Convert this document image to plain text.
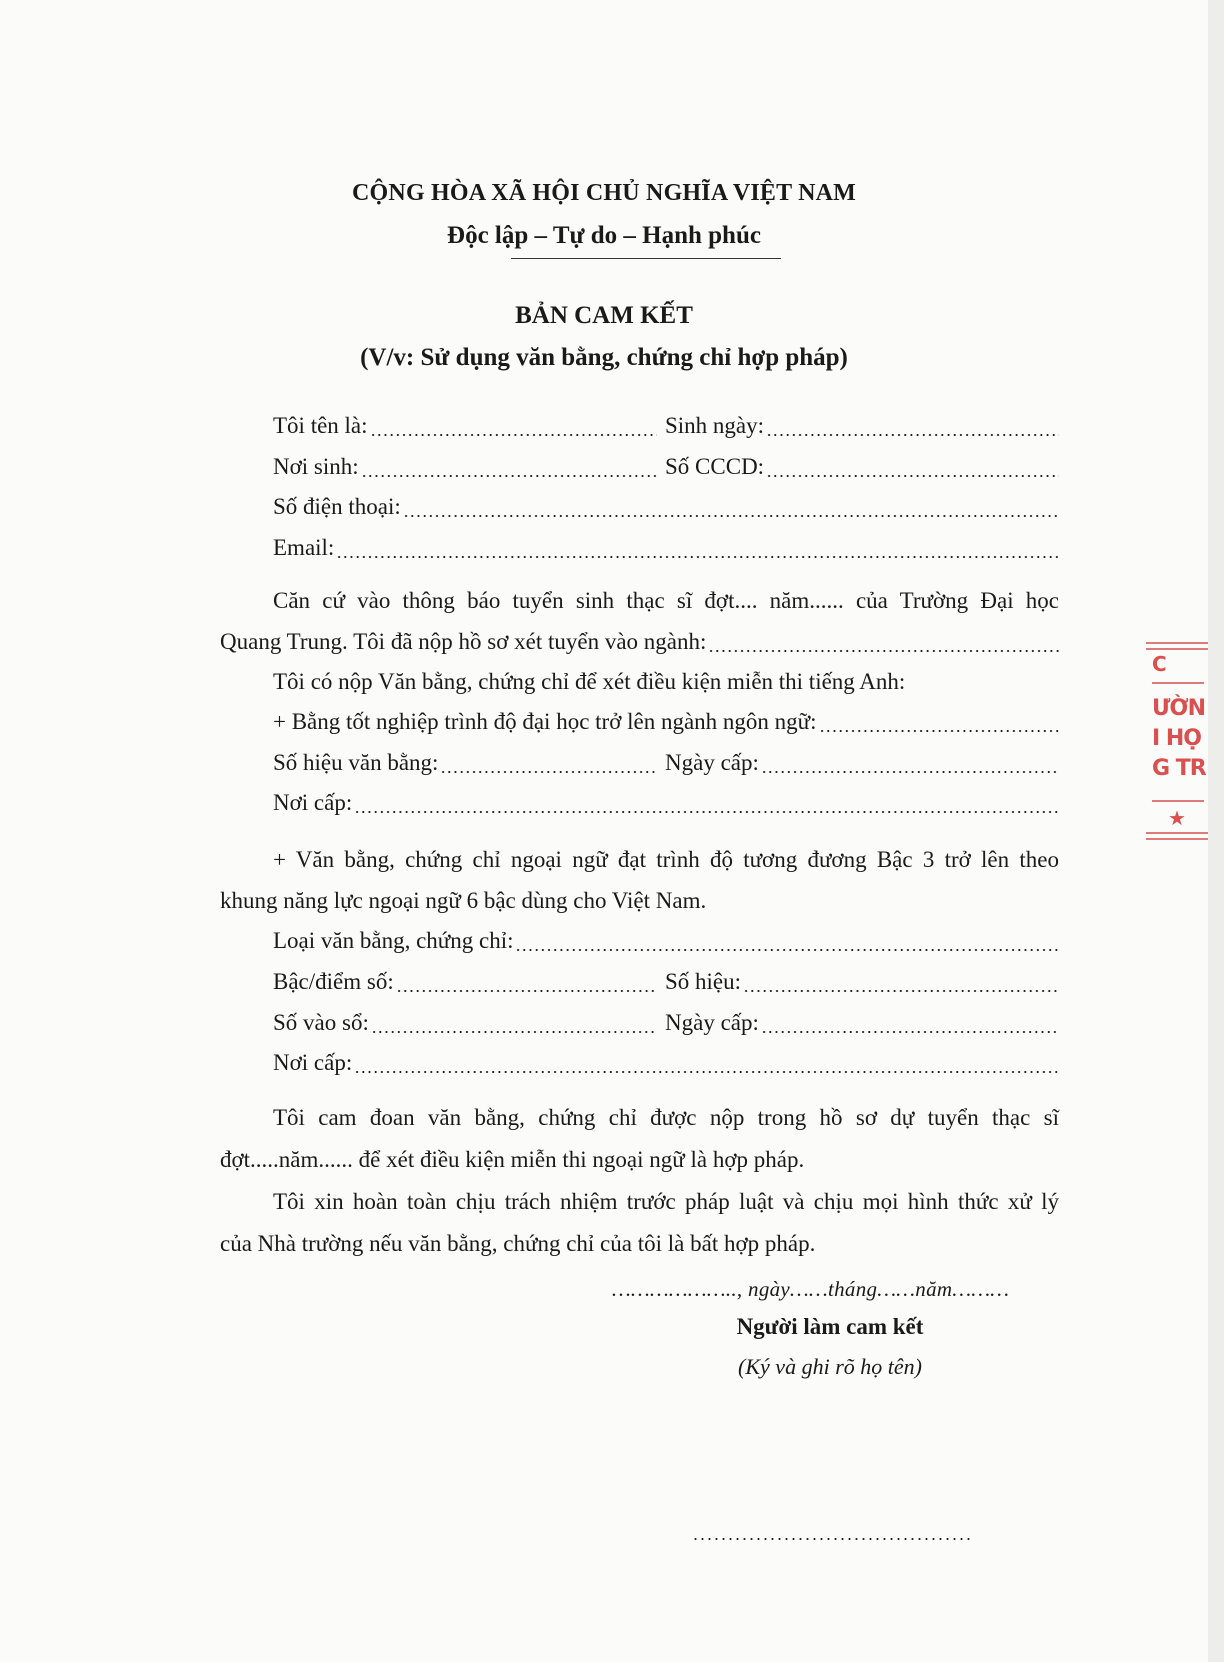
CỘNG HÒA XÃ HỘI CHỦ NGHĨA VIỆT NAM
Độc lập – Tự do – Hạnh phúc
BẢN CAM KẾT
(V/v: Sử dụng văn bằng, chứng chỉ hợp pháp)
Tôi tên là:	Sinh ngày:
Nơi sinh:	Số CCCD:
Số điện thoại:
Email:
Căn cứ vào thông báo tuyển sinh thạc sĩ đợt.... năm...... của Trường Đại học
Quang Trung. Tôi đã nộp hồ sơ xét tuyển vào ngành:
Tôi có nộp Văn bằng, chứng chỉ để xét điều kiện miễn thi tiếng Anh:
+ Bằng tốt nghiệp trình độ đại học trở lên ngành ngôn ngữ:
Số hiệu văn bằng:	Ngày cấp:
Nơi cấp:
+ Văn bằng, chứng chỉ ngoại ngữ đạt trình độ tương đương Bậc 3 trở lên theo
khung năng lực ngoại ngữ 6 bậc dùng cho Việt Nam.
Loại văn bằng, chứng chỉ:
Bậc/điểm số:	Số hiệu:
Số vào sổ:	Ngày cấp:
Nơi cấp:
Tôi cam đoan văn bằng, chứng chỉ được nộp trong hồ sơ dự tuyển thạc sĩ
đợt.....năm...... để xét điều kiện miễn thi ngoại ngữ là hợp pháp.
Tôi xin hoàn toàn chịu trách nhiệm trước pháp luật và chịu mọi hình thức xử lý
của Nhà trường nếu văn bằng, chứng chỉ của tôi là bất hợp pháp.
……………….., ngày……tháng……năm………
Người làm cam kết
(Ký và ghi rõ họ tên)
C
ƯỜN
I HỌ
G TR
★
